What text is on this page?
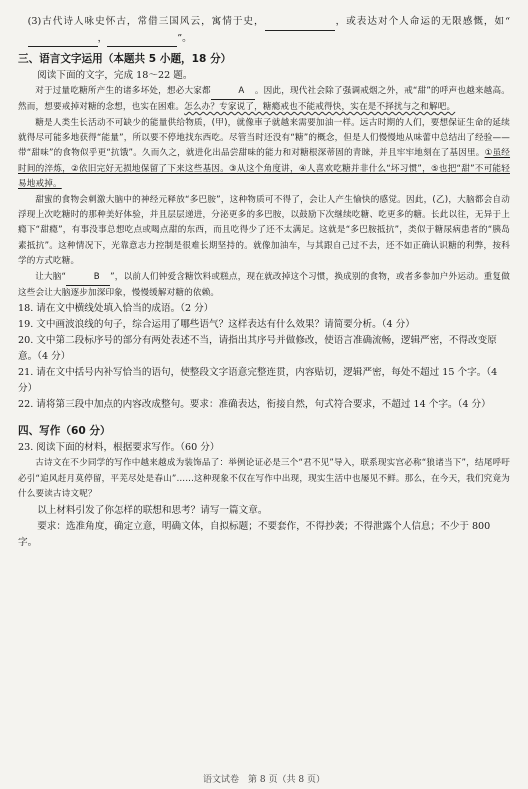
(3)古代诗人咏史怀古，常借三国风云，寓情于史，	，或表达对个人命运的无限感慨，如“ ，	”。

三、语言文字运用（本题共 5 小题，18 分）

阅读下面的文字，完成 18～22 题。

对于过量吃糖所产生的诸多坏处，想必大家都	A 。因此，现代社会除了强调戒烟之外，戒“甜”的呼声也越来越高。然而，想要戒掉对糖的念想，也实在困难。怎么办？专家说了，糖瘾戒也不能戒得快，实在是不择扰与之和解吧。

糖是人类生长活动不可缺少的能量供给物质，(甲)，就像車子就越来需要加油一样。远古时期的人们，要想保证生命的延续就得尽可能多地获得“能量”，所以要不停地找东西吃。尽管当时还没有“糖”的概念，但是人们慢慢地从味蕾中总结出了经验——带“甜味”的食物似乎更“抗饿”。久而久之，就进化出品尝甜味的能力和对糖根深蒂固的青睐，并且牢牢地刻在了基因里。①虽经时间的淬炼，②依旧完好无损地保留了下来这些基因。③从这个角度讲，④人喜欢吃糖并非什么“坏习惯”，⑤也把“甜”不可能轻易地戒掉。

甜蜜的食物会刺激大脑中的神经元释放“多巴胺”，这种物质可不得了，会让人产生愉快的感觉。因此，(乙)，大脑都会自动浮现上次吃糖时的那种美好体验，并且层层递进，分泌更多的多巴胺，以鼓励下次继续吃糖、吃更多的糖。长此以往，无异于上瘾下“甜瘾”，有事没事总想吃点或喝点甜的东西，而且吃得少了还不太满足。这就是“多巴胺抵抗”，类似于糖尿病患者的“胰岛素抵抗”。这种情况下，光靠意志力控制是很难长期坚持的。就像加油车，与其跟自己过不去，还不如正确认识糖的利弊，按科学的方式吃糖。

让大脑“	B ”，以前人们钟爱含糖饮料或糕点，现在就改掉这个习惯，换成别的食物，或者多参加户外运动。重复做这些会让大脑逐步加深印象，慢慢缓解对糖的依赖。

18. 请在文中横线处填入恰当的成语。（2 分）

19. 文中画波浪线的句子，综合运用了哪些语气？这样表达有什么效果？请简要分析。（4 分）

20. 文中第二段标序号的部分有两处表述不当，请指出其序号并做修改，使语言准确流畅，逻辑严密，不得改变原意。（4 分）

21. 请在文中括号内补写恰当的语句，使整段文字语意完整连贯，内容贴切，逻辑严密，每处不超过 15 个字。（4 分）

22. 请将第三段中加点的内容改成整句。要求：准确表达，衔接自然，句式符合要求，不超过 14 个字。（4 分）

四、写作（60 分）

23. 阅读下面的材料，根据要求写作。（60 分）

古诗文在不少同学的写作中越来越成为装饰品了：举例论证必是三个“君不见”导入，联系现实宫必称“狼诸当下”，结尾呼吁必引“追风赶月莫停留，平芜尽处是春山”……这种现象不仅在写作中出现，现实生活中也屡见不鲜。那么，在今天，我们究竟为什么要读古诗文呢？

以上材料引发了你怎样的联想和思考？请写一篇文章。

要求：选准角度，确定立意，明确文体，自拟标题；不要套作，不得抄袭；不得泄露个人信息；不少于 800 字。

语文试卷　第 8 页（共 8 页）
